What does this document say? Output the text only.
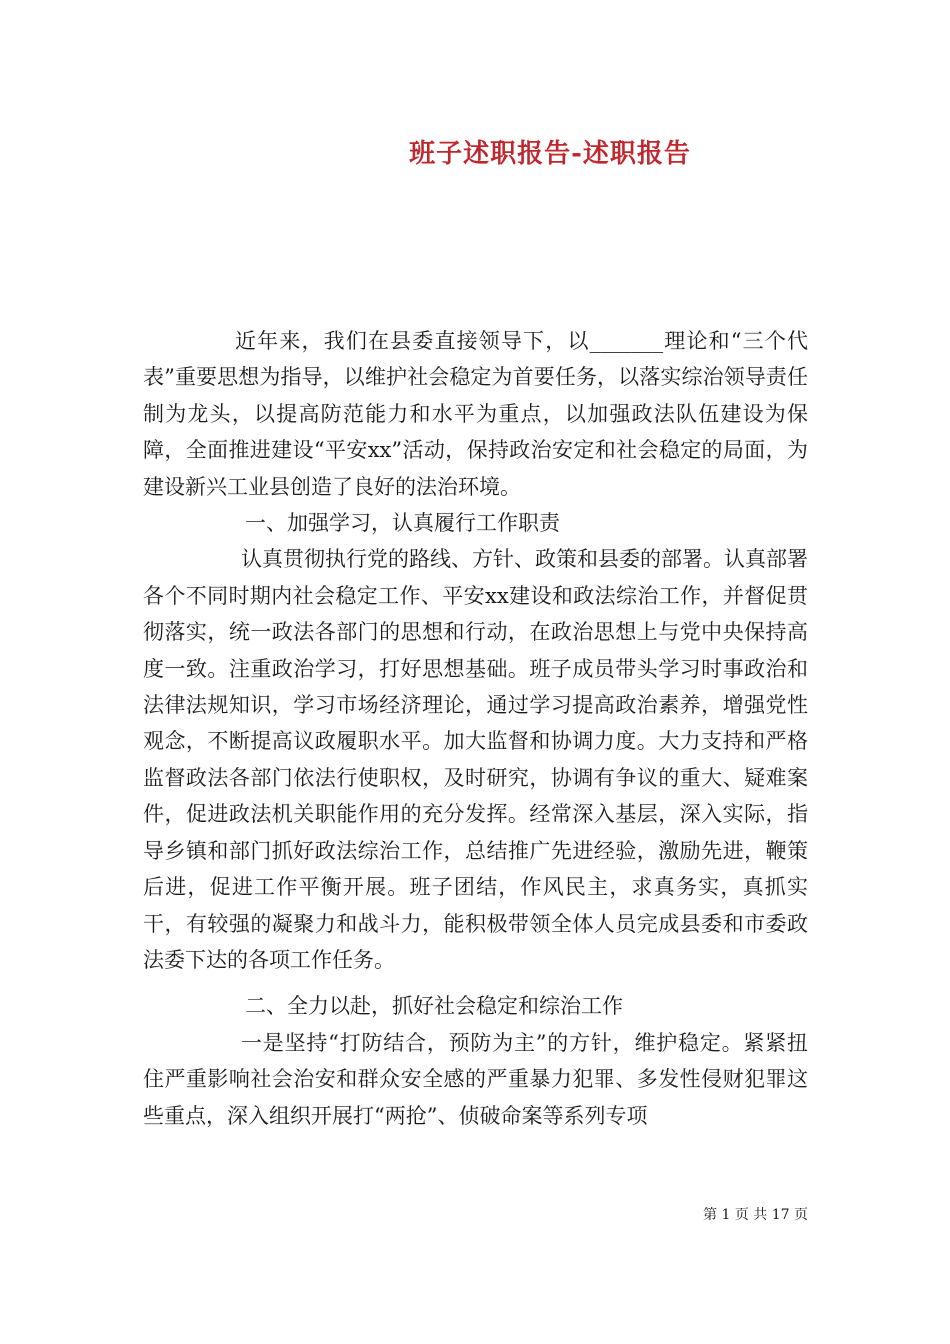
班子述职报告-述职报告

近年来，我们在县委直接领导下，以_______理论和“三个代表”重要思想为指导，以维护社会稳定为首要任务，以落实综治领导责任制为龙头，以提高防范能力和水平为重点，以加强政法队伍建设为保障，全面推进建设“平安xx”活动，保持政治安定和社会稳定的局面，为建设新兴工业县创造了良好的法治环境。

一、加强学习，认真履行工作职责

认真贯彻执行党的路线、方针、政策和县委的部署。认真部署各个不同时期内社会稳定工作、平安xx建设和政法综治工作，并督促贯彻落实，统一政法各部门的思想和行动，在政治思想上与党中央保持高度一致。注重政治学习，打好思想基础。班子成员带头学习时事政治和法律法规知识，学习市场经济理论，通过学习提高政治素养，增强党性观念，不断提高议政履职水平。加大监督和协调力度。大力支持和严格监督政法各部门依法行使职权，及时研究，协调有争议的重大、疑难案件，促进政法机关职能作用的充分发挥。经常深入基层，深入实际，指导乡镇和部门抓好政法综治工作，总结推广先进经验，激励先进，鞭策后进，促进工作平衡开展。班子团结，作风民主，求真务实，真抓实干，有较强的凝聚力和战斗力，能积极带领全体人员完成县委和市委政法委下达的各项工作任务。

二、全力以赴，抓好社会稳定和综治工作

一是坚持“打防结合，预防为主”的方针，维护稳定。紧紧扭住严重影响社会治安和群众安全感的严重暴力犯罪、多发性侵财犯罪这些重点，深入组织开展打“两抢”、侦破命案等系列专项

第 1 页 共 17 页
